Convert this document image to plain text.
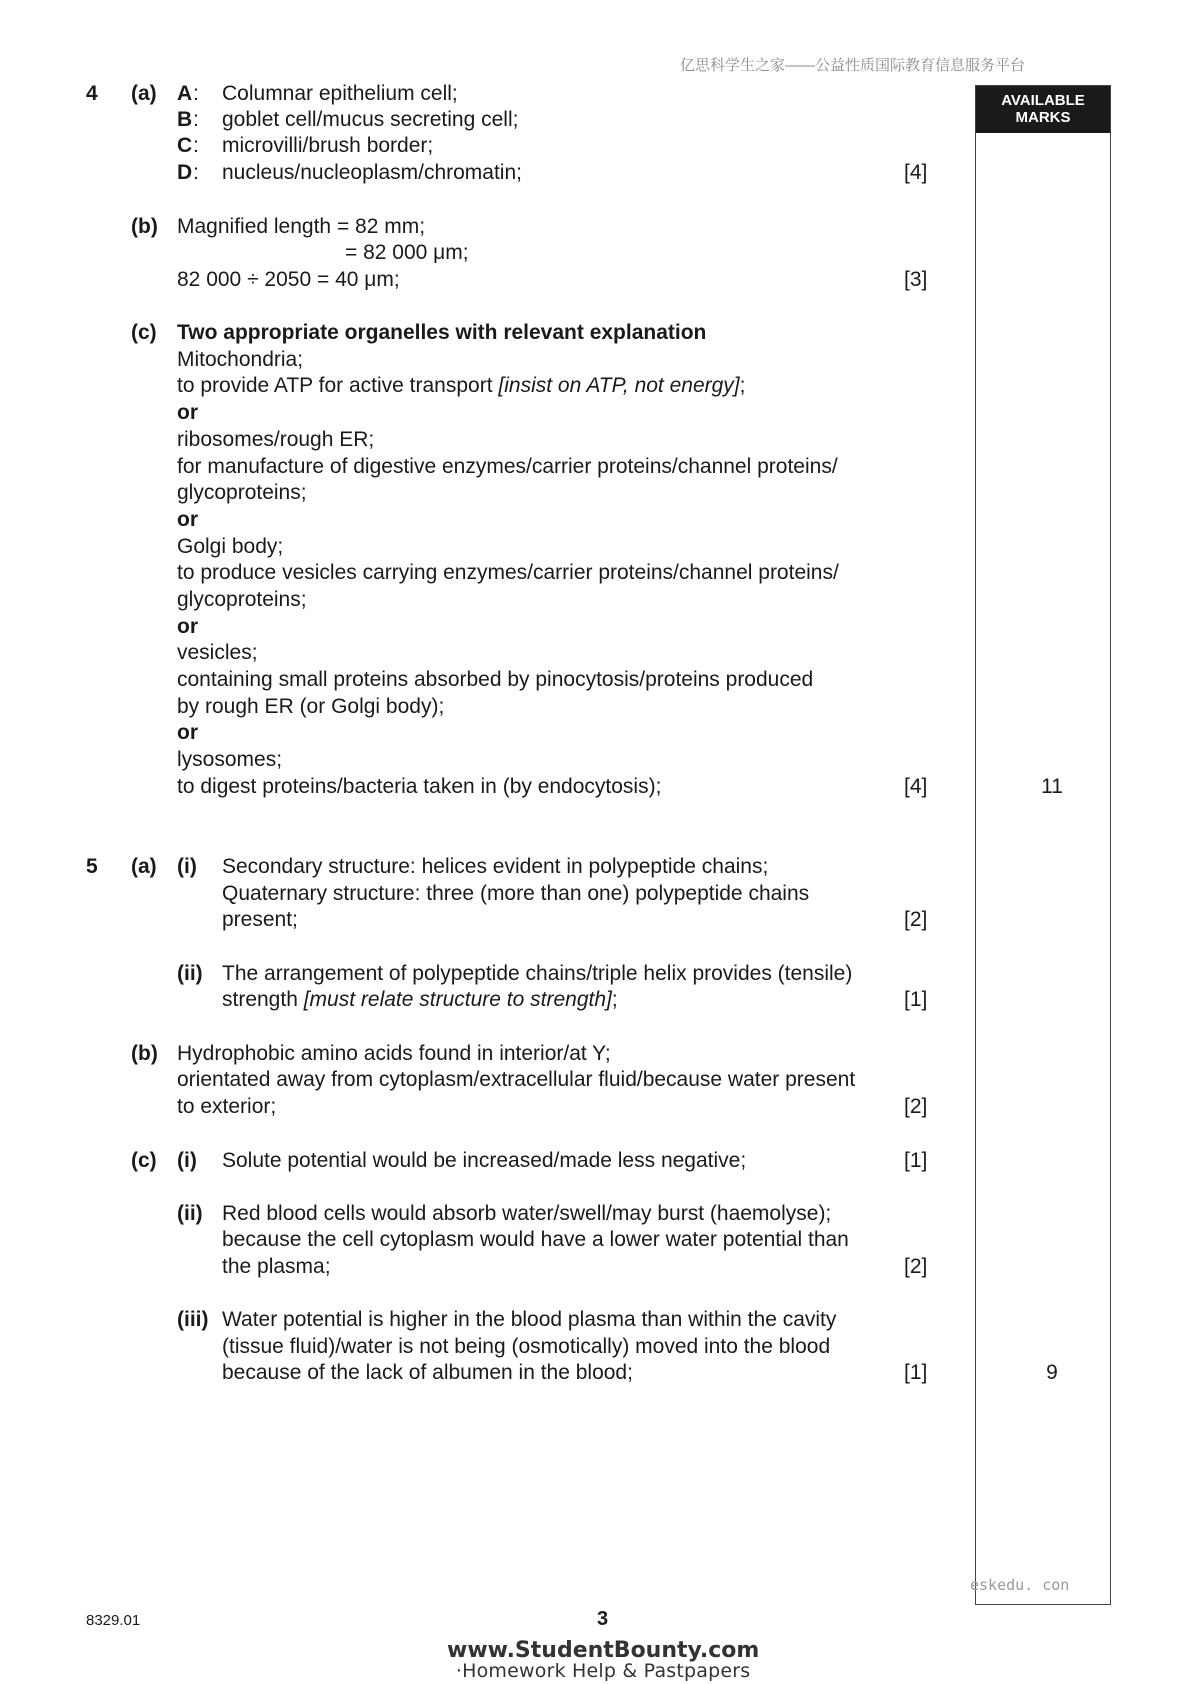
亿思科学生之家——公益性质国际教育信息服务平台
AVAILABLE
MARKS
4 (a) A : Columnar epithelium cell;
B : goblet cell/mucus secreting cell;
C : microvilli/brush border;
D : nucleus/nucleoplasm/chromatin;	[4]
(b) Magnified length = 82 mm;
= 82 000 μm;
82 000 ÷ 2050 = 40 μm;	[3]
(c) Two appropriate organelles with relevant explanation
Mitochondria;
to provide ATP for active transport [insist on ATP, not energy];
or
ribosomes/rough ER;
for manufacture of digestive enzymes/carrier proteins/channel proteins/
glycoproteins;
or
Golgi body;
to produce vesicles carrying enzymes/carrier proteins/channel proteins/
glycoproteins;
or
vesicles;
containing small proteins absorbed by pinocytosis/proteins produced
by rough ER (or Golgi body);
or
lysosomes;
to digest proteins/bacteria taken in (by endocytosis);	[4]	11
5 (a) (i) Secondary structure: helices evident in polypeptide chains;
Quaternary structure: three (more than one) polypeptide chains
present;	[2]
(ii) The arrangement of polypeptide chains/triple helix provides (tensile)
strength [must relate structure to strength];	[1]
(b) Hydrophobic amino acids found in interior/at Y;
orientated away from cytoplasm/extracellular fluid/because water present
to exterior;	[2]
(c) (i) Solute potential would be increased/made less negative;	[1]
(ii) Red blood cells would absorb water/swell/may burst (haemolyse);
because the cell cytoplasm would have a lower water potential than
the plasma;	[2]
(iii) Water potential is higher in the blood plasma than within the cavity
(tissue fluid)/water is not being (osmotically) moved into the blood
because of the lack of albumen in the blood;	[1]	9
eskedu. con
8329.01	3
www.StudentBounty.com
·Homework Help & Pastpapers
